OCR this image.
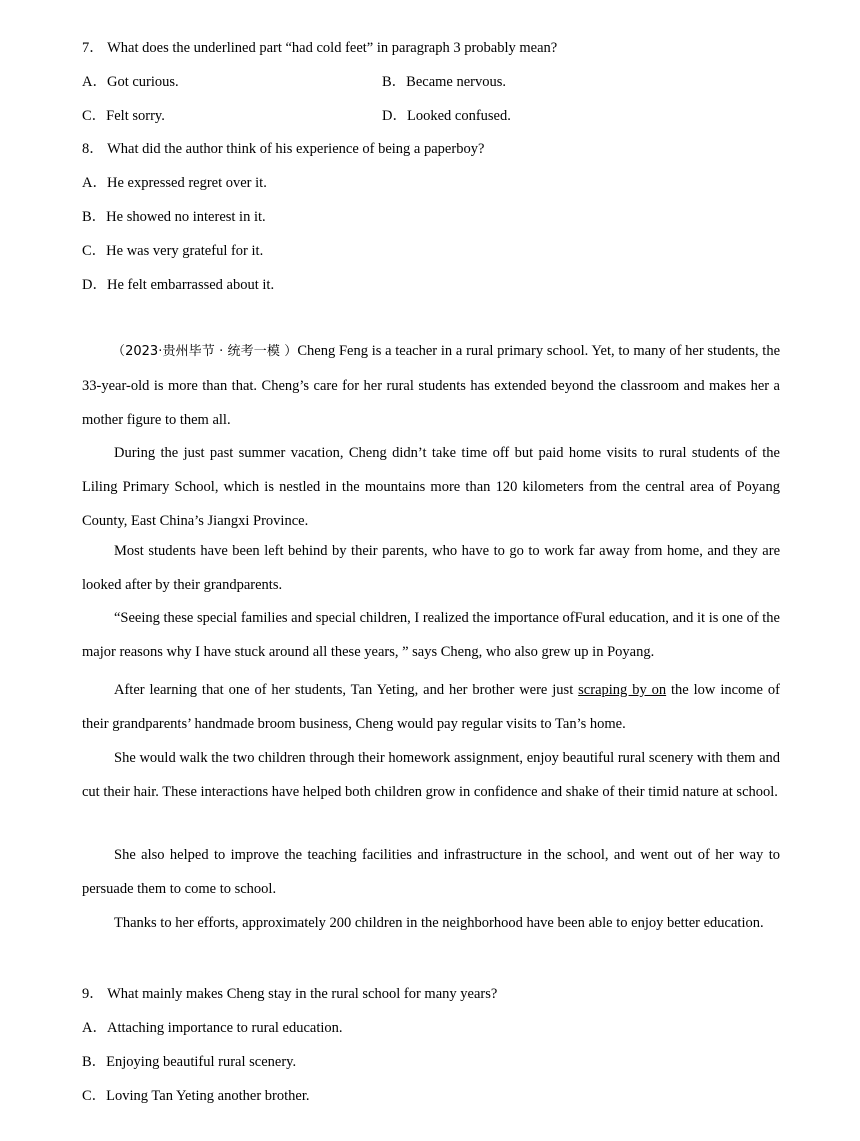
7． What does the underlined part “had cold feet” in paragraph 3 probably mean?
A．Got curious.	B．Became nervous.
C．Felt sorry.	D．Looked confused.
8． What did the author think of his experience of being a paperboy?
A．He expressed regret over it.
B．He showed no interest in it.
C．He was very grateful for it.
D．He felt embarrassed about it.
（2023·贵州毕节 · 统考一模 ）Cheng Feng is a teacher in a rural primary school. Yet, to many of her students, the 33-year-old is more than that. Cheng’s care for her rural students has extended beyond the classroom and makes her a mother figure to them all.
During the just past summer vacation, Cheng didn’t take time off but paid home visits to rural students of the Liling Primary School, which is nestled in the mountains more than 120 kilometers from the central area of Poyang County, East China’s Jiangxi Province.
Most students have been left behind by their parents, who have to go to work far away from home, and they are looked after by their grandparents.
“Seeing these special families and special children, I realized the importance ofFural education, and it is one of the major reasons why I have stuck around all these years, ” says Cheng, who also grew up in Poyang.
After learning that one of her students, Tan Yeting, and her brother were just scraping by on the low income of their grandparents’ handmade broom business, Cheng would pay regular visits to Tan’s home.
She would walk the two children through their homework assignment, enjoy beautiful rural scenery with them and cut their hair. These interactions have helped both children grow in confidence and shake of their timid nature at school.
She also helped to improve the teaching facilities and infrastructure in the school, and went out of her way to persuade them to come to school.
Thanks to her efforts, approximately 200 children in the neighborhood have been able to enjoy better education.
9． What mainly makes Cheng stay in the rural school for many years?
A．Attaching importance to rural education.
B．Enjoying beautiful rural scenery.
C．Loving Tan Yeting another brother.
